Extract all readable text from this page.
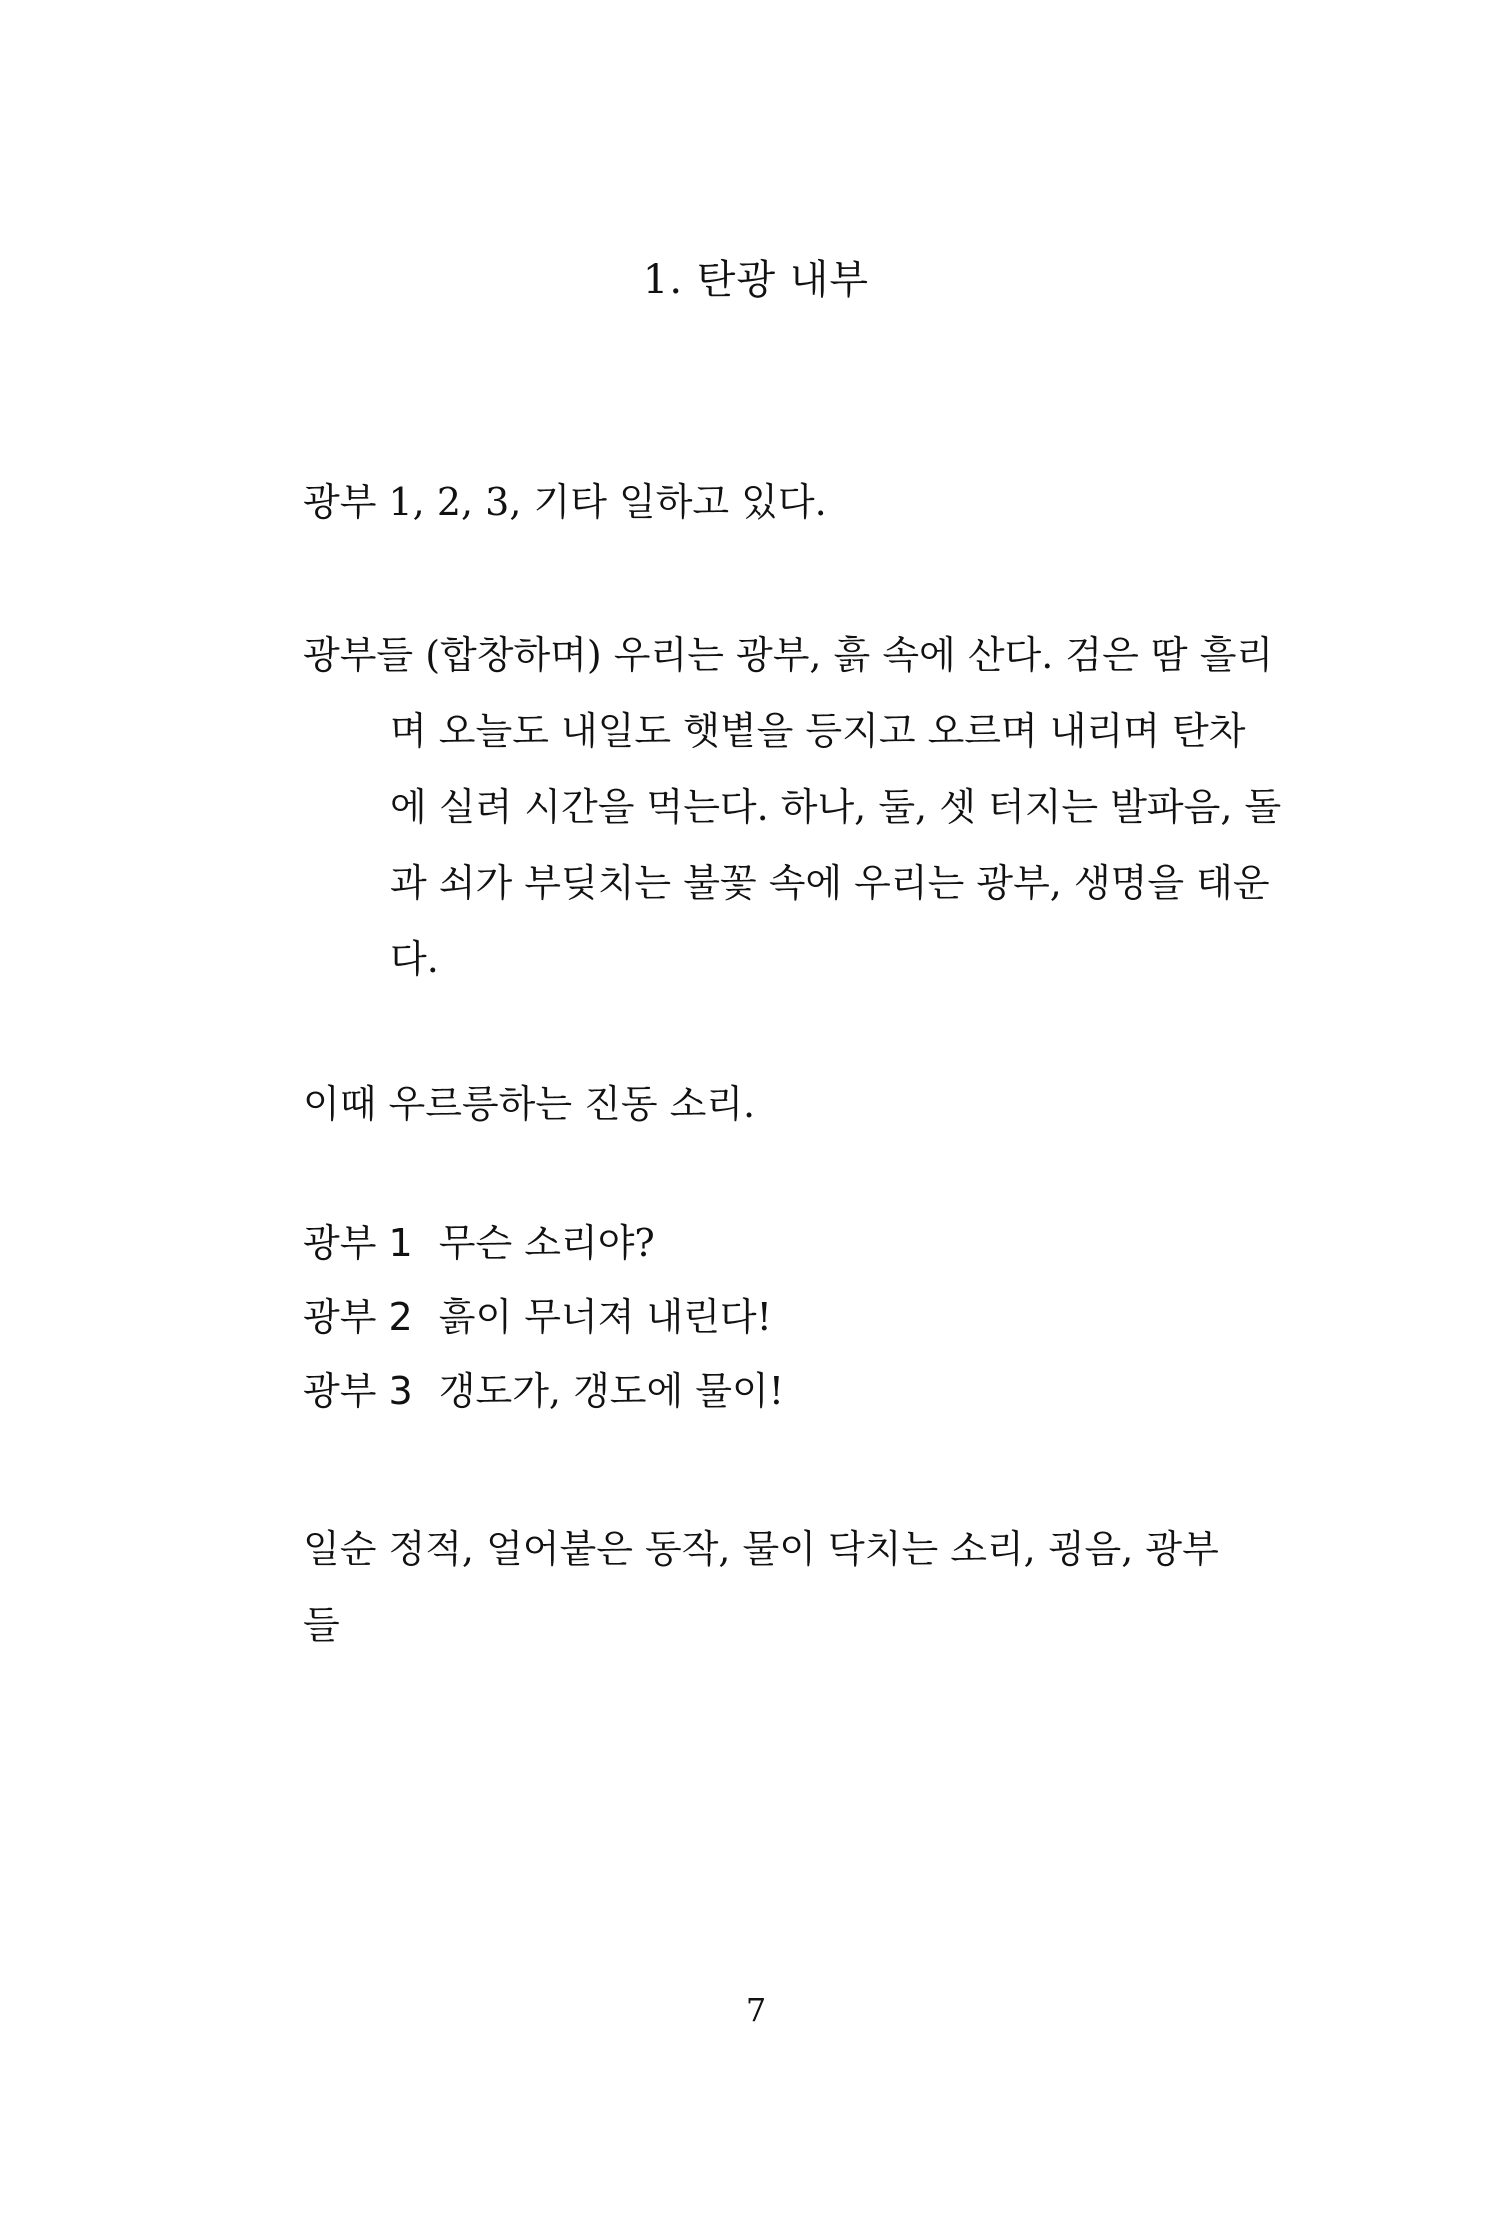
1. 탄광 내부

광부 1, 2, 3, 기타 일하고 있다.

광부들 (합창하며) 우리는 광부, 흙 속에 산다. 검은 땀 흘리
며 오늘도 내일도 햇볕을 등지고 오르며 내리며 탄차
에 실려 시간을 먹는다. 하나, 둘, 셋 터지는 발파음, 돌
과 쇠가 부딪치는 불꽃 속에 우리는 광부, 생명을 태운
다.

이때 우르릉하는 진동 소리.

광부 1 무슨 소리야?
광부 2 흙이 무너져 내린다!
광부 3 갱도가, 갱도에 물이!

일순 정적, 얼어붙은 동작, 물이 닥치는 소리, 굉음, 광부들

7
